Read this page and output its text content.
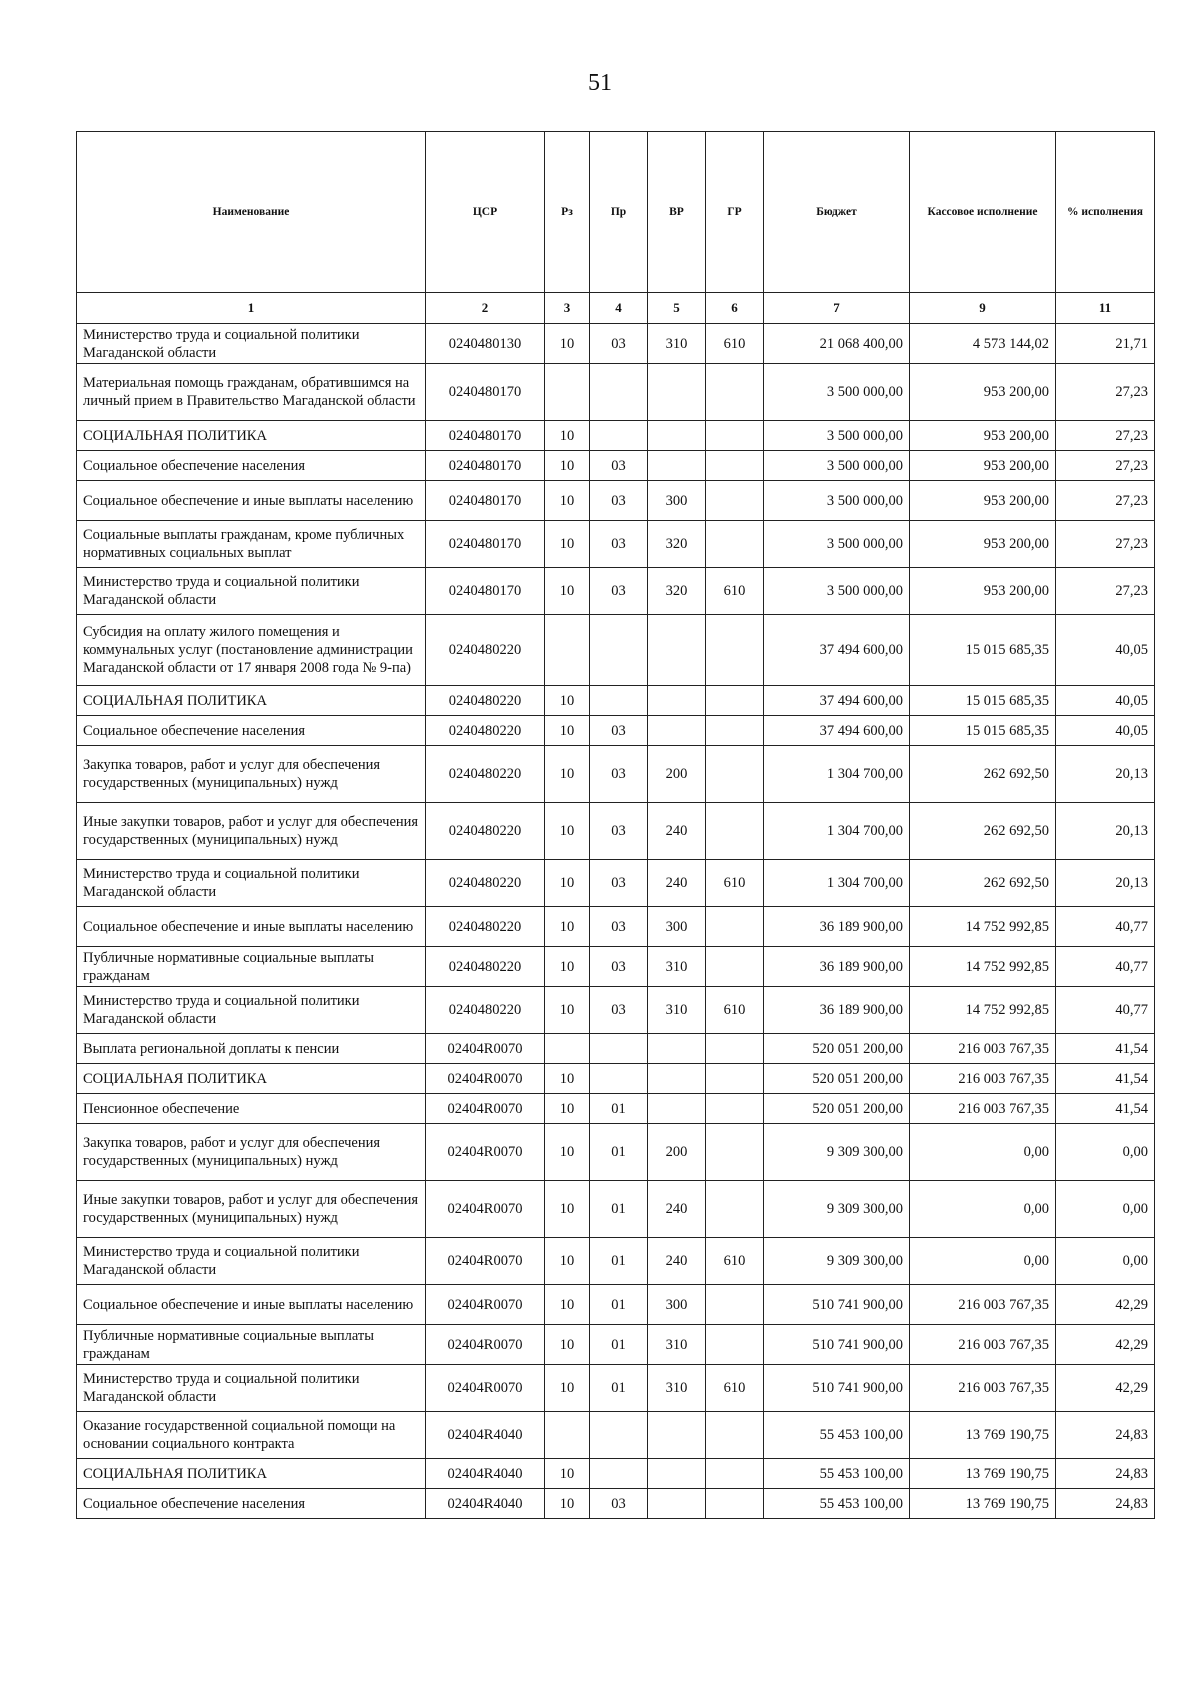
51
Наименование	ЦСР	Рз	Пр	ВР	ГР	Бюджет	Кассовое исполнение	% исполнения
1	2	3	4	5	6	7	9	11
Министерство труда и социальной политики Магаданской области	0240480130	10	03	310	610	21 068 400,00	4 573 144,02	21,71
Материальная помощь гражданам, обратившимся на личный прием в Правительство Магаданской области	0240480170					3 500 000,00	953 200,00	27,23
СОЦИАЛЬНАЯ ПОЛИТИКА	0240480170	10				3 500 000,00	953 200,00	27,23
Социальное обеспечение населения	0240480170	10	03			3 500 000,00	953 200,00	27,23
Социальное обеспечение и иные выплаты населению	0240480170	10	03	300		3 500 000,00	953 200,00	27,23
Социальные выплаты гражданам, кроме публичных нормативных социальных выплат	0240480170	10	03	320		3 500 000,00	953 200,00	27,23
Министерство труда и социальной политики Магаданской области	0240480170	10	03	320	610	3 500 000,00	953 200,00	27,23
Субсидия на оплату жилого помещения и коммунальных услуг (постановление администрации Магаданской области от 17 января 2008 года № 9-па)	0240480220					37 494 600,00	15 015 685,35	40,05
СОЦИАЛЬНАЯ ПОЛИТИКА	0240480220	10				37 494 600,00	15 015 685,35	40,05
Социальное обеспечение населения	0240480220	10	03			37 494 600,00	15 015 685,35	40,05
Закупка товаров, работ и услуг для обеспечения государственных (муниципальных) нужд	0240480220	10	03	200		1 304 700,00	262 692,50	20,13
Иные закупки товаров, работ и услуг для обеспечения государственных (муниципальных) нужд	0240480220	10	03	240		1 304 700,00	262 692,50	20,13
Министерство труда и социальной политики Магаданской области	0240480220	10	03	240	610	1 304 700,00	262 692,50	20,13
Социальное обеспечение и иные выплаты населению	0240480220	10	03	300		36 189 900,00	14 752 992,85	40,77
Публичные нормативные социальные выплаты гражданам	0240480220	10	03	310		36 189 900,00	14 752 992,85	40,77
Министерство труда и социальной политики Магаданской области	0240480220	10	03	310	610	36 189 900,00	14 752 992,85	40,77
Выплата региональной доплаты к пенсии	02404R0070					520 051 200,00	216 003 767,35	41,54
СОЦИАЛЬНАЯ ПОЛИТИКА	02404R0070	10				520 051 200,00	216 003 767,35	41,54
Пенсионное обеспечение	02404R0070	10	01			520 051 200,00	216 003 767,35	41,54
Закупка товаров, работ и услуг для обеспечения государственных (муниципальных) нужд	02404R0070	10	01	200		9 309 300,00	0,00	0,00
Иные закупки товаров, работ и услуг для обеспечения государственных (муниципальных) нужд	02404R0070	10	01	240		9 309 300,00	0,00	0,00
Министерство труда и социальной политики Магаданской области	02404R0070	10	01	240	610	9 309 300,00	0,00	0,00
Социальное обеспечение и иные выплаты населению	02404R0070	10	01	300		510 741 900,00	216 003 767,35	42,29
Публичные нормативные социальные выплаты гражданам	02404R0070	10	01	310		510 741 900,00	216 003 767,35	42,29
Министерство труда и социальной политики Магаданской области	02404R0070	10	01	310	610	510 741 900,00	216 003 767,35	42,29
Оказание государственной социальной помощи на основании социального контракта	02404R4040					55 453 100,00	13 769 190,75	24,83
СОЦИАЛЬНАЯ ПОЛИТИКА	02404R4040	10				55 453 100,00	13 769 190,75	24,83
Социальное обеспечение населения	02404R4040	10	03			55 453 100,00	13 769 190,75	24,83
